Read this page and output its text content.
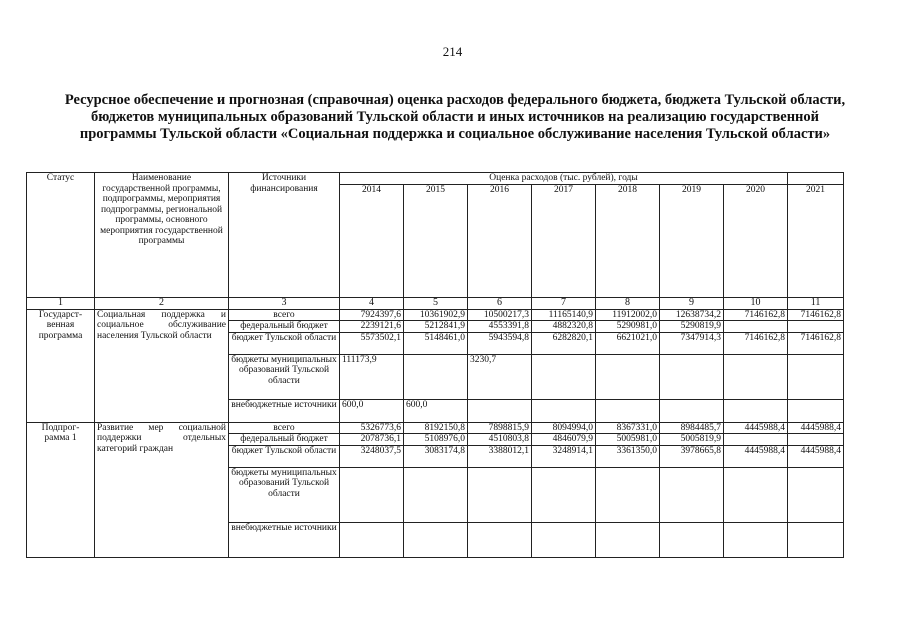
214
Ресурсное обеспечение и прогнозная (справочная) оценка расходов федерального бюджета, бюджета Тульской области, бюджетов муниципальных образований Тульской области и иных источников на реализацию государственной программы Тульской области «Социальная поддержка и социальное обслуживание населения Тульской области»
Статус	Наименование государственной программы, подпрограммы, мероприятия подпрограммы, региональной программы, основного мероприятия государственной программы	Источники финансирования	Оценка расходов (тыс. рублей), годы							
			2014	2015	2016	2017	2018	2019	2020	2021
1	2	3	4	5	6	7	8	9	10	11
Государст- венная программа	Социальная поддержка и социальное обслуживание населения Тульской области	всего	7924397,6	10361902,9	10500217,3	11165140,9	11912002,0	12638734,2	7146162,8	7146162,8
		федеральный бюджет	2239121,6	5212841,9	4553391,8	4882320,8	5290981,0	5290819,9		
		бюджет Тульской области	5573502,1	5148461,0	5943594,8	6282820,1	6621021,0	7347914,3	7146162,8	7146162,8
		бюджеты муниципальных образований Тульской области	111173,9		3230,7					
		внебюджетные источники	600,0	600,0						
Подпрог- рамма 1	Развитие мер социальной поддержки отдельных категорий граждан	всего	5326773,6	8192150,8	7898815,9	8094994,0	8367331,0	8984485,7	4445988,4	4445988,4
		федеральный бюджет	2078736,1	5108976,0	4510803,8	4846079,9	5005981,0	5005819,9		
		бюджет Тульской области	3248037,5	3083174,8	3388012,1	3248914,1	3361350,0	3978665,8	4445988,4	4445988,4
		бюджеты муниципальных образований Тульской области								
		внебюджетные источники								
